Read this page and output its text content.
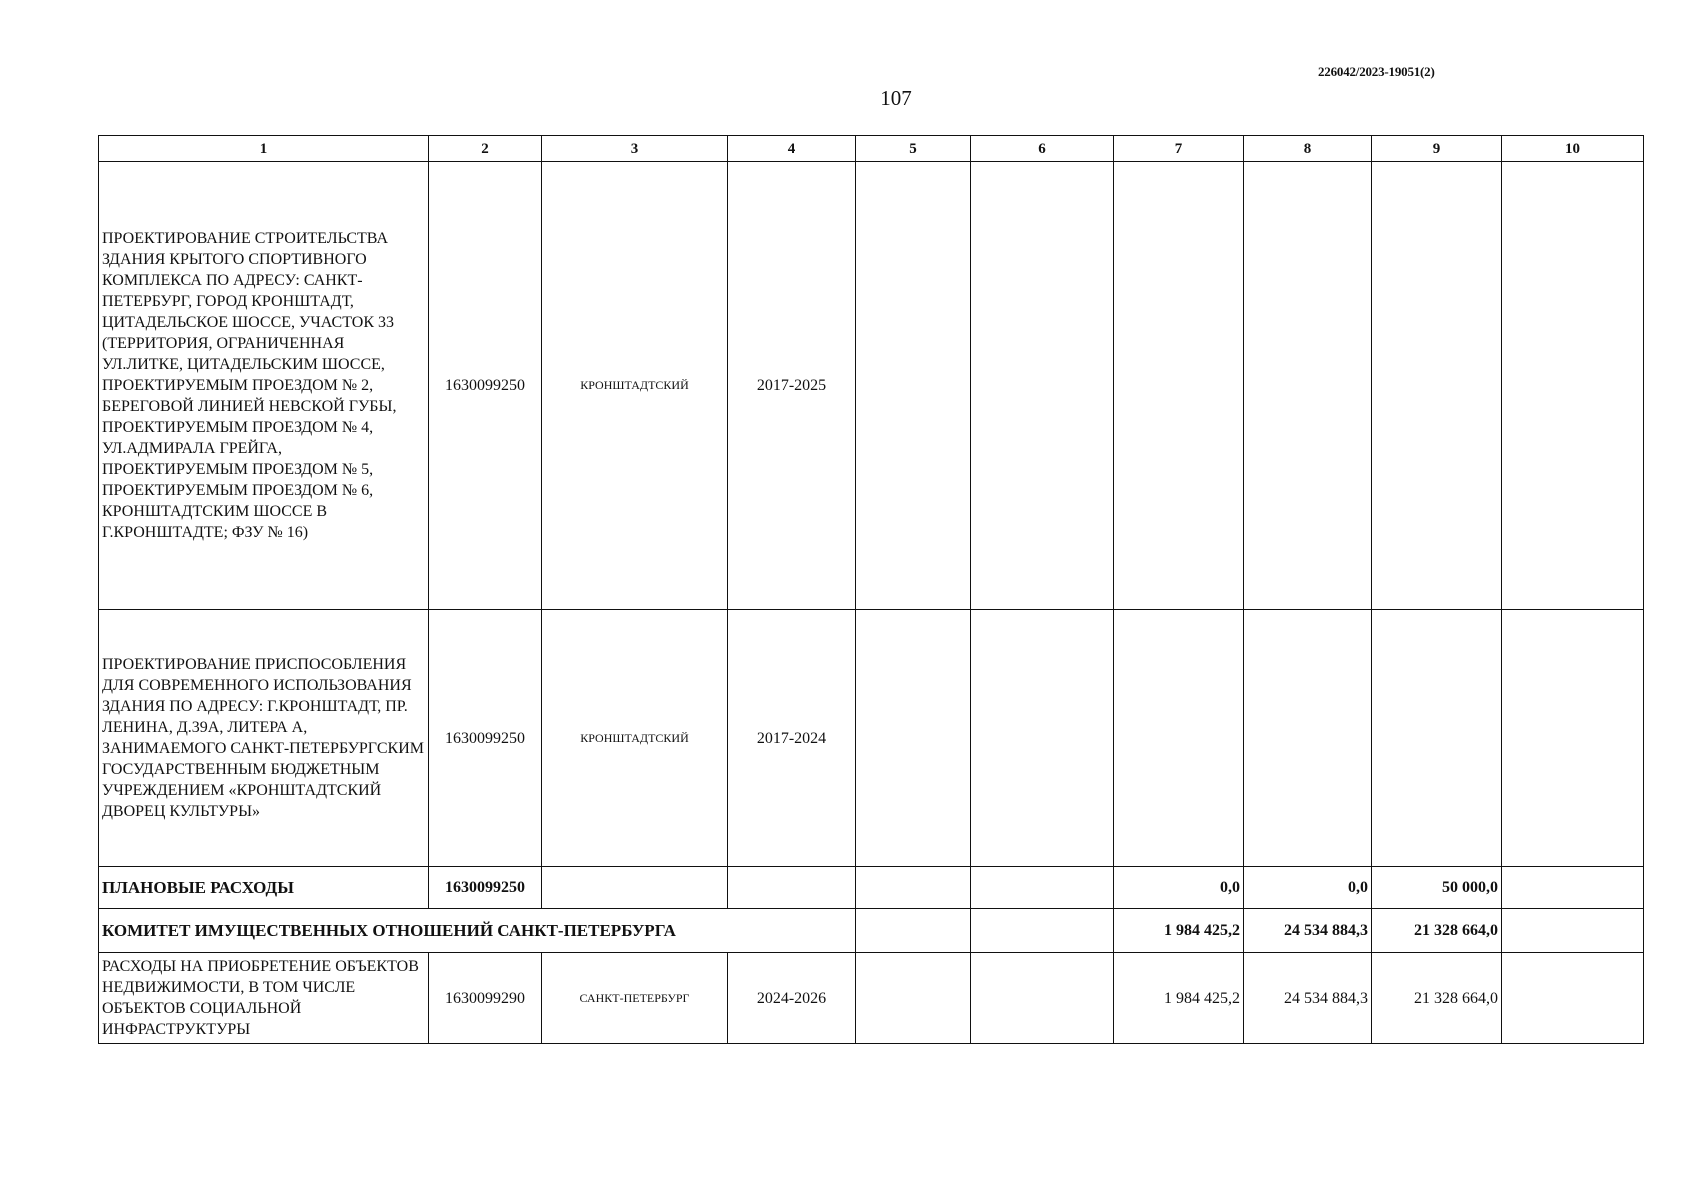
226042/2023-19051(2)
107
1	2	3	4	5	6	7	8	9	10
ПРОЕКТИРОВАНИЕ СТРОИТЕЛЬСТВА ЗДАНИЯ КРЫТОГО СПОРТИВНОГО КОМПЛЕКСА ПО АДРЕСУ: САНКТ-ПЕТЕРБУРГ, ГОРОД КРОНШТАДТ, ЦИТАДЕЛЬСКОЕ ШОССЕ, УЧАСТОК 33 (ТЕРРИТОРИЯ, ОГРАНИЧЕННАЯ УЛ.ЛИТКЕ, ЦИТАДЕЛЬСКИМ ШОССЕ, ПРОЕКТИРУЕМЫМ ПРОЕЗДОМ № 2, БЕРЕГОВОЙ ЛИНИЕЙ НЕВСКОЙ ГУБЫ, ПРОЕКТИРУЕМЫМ ПРОЕЗДОМ № 4, УЛ.АДМИРАЛА ГРЕЙГА, ПРОЕКТИРУЕМЫМ ПРОЕЗДОМ № 5, ПРОЕКТИРУЕМЫМ ПРОЕЗДОМ № 6, КРОНШТАДТСКИМ ШОССЕ В Г.КРОНШТАДТЕ; ФЗУ № 16)	1630099250	КРОНШТАДТСКИЙ	2017-2025						
ПРОЕКТИРОВАНИЕ ПРИСПОСОБЛЕНИЯ ДЛЯ СОВРЕМЕННОГО ИСПОЛЬЗОВАНИЯ ЗДАНИЯ ПО АДРЕСУ: Г.КРОНШТАДТ, ПР. ЛЕНИНА, Д.39А, ЛИТЕРА А, ЗАНИМАЕМОГО САНКТ-ПЕТЕРБУРГСКИМ ГОСУДАРСТВЕННЫМ БЮДЖЕТНЫМ УЧРЕЖДЕНИЕМ «КРОНШТАДТСКИЙ ДВОРЕЦ КУЛЬТУРЫ»	1630099250	КРОНШТАДТСКИЙ	2017-2024						
ПЛАНОВЫЕ РАСХОДЫ	1630099250					0,0	0,0	50 000,0	
КОМИТЕТ ИМУЩЕСТВЕННЫХ ОТНОШЕНИЙ САНКТ-ПЕТЕРБУРГА						1 984 425,2	24 534 884,3	21 328 664,0	
РАСХОДЫ НА ПРИОБРЕТЕНИЕ ОБЪЕКТОВ НЕДВИЖИМОСТИ, В ТОМ ЧИСЛЕ ОБЪЕКТОВ СОЦИАЛЬНОЙ ИНФРАСТРУКТУРЫ	1630099290	САНКТ-ПЕТЕРБУРГ	2024-2026			1 984 425,2	24 534 884,3	21 328 664,0	
